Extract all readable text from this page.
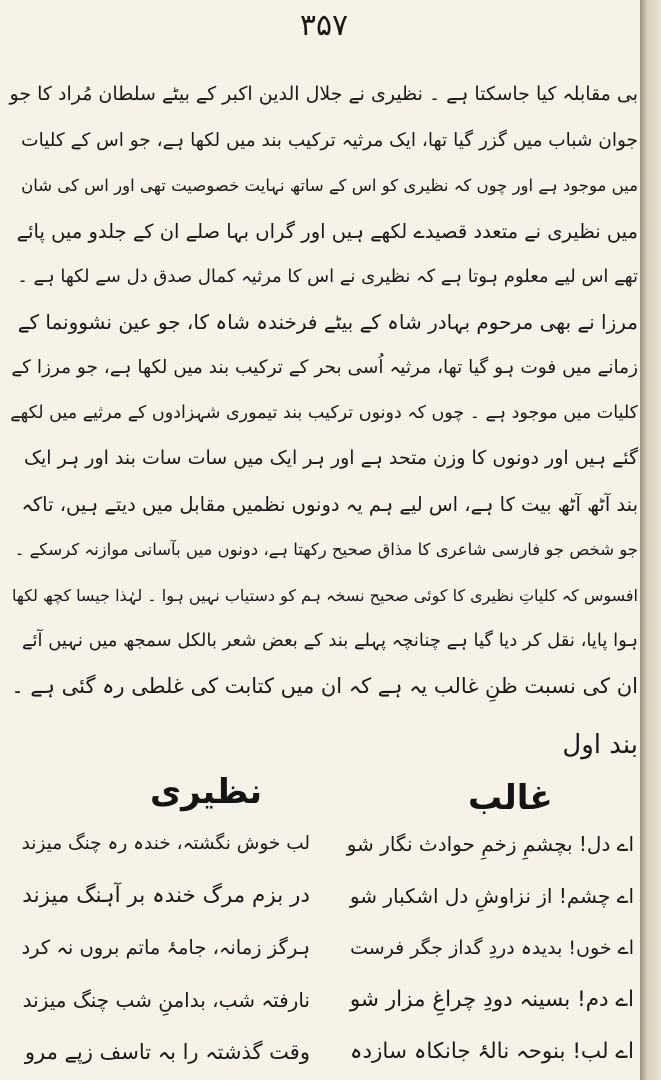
٣۵٧
بی مقابلہ کیا جاسکتا ہے ۔ نظیری نے جلال الدین اکبر کے بیٹے سلطان مُراد کا جو
جوان شباب میں گزر گیا تھا، ایک مرثیہ ترکیب بند میں لکھا ہے، جو اس کے کلیات
میں موجود ہے اور چوں کہ نظیری کو اس کے ساتھ نہایت خصوصیت تھی اور اس کی شان
میں نظیری نے متعدد قصیدے لکھے ہیں اور گراں بہا صلے ان کے جلدو میں پائے
تھے اس لیے معلوم ہوتا ہے کہ نظیری نے اس کا مرثیہ کمال صدق دل سے لکھا ہے ۔
مرزا نے بھی مرحوم بہادر شاہ کے بیٹے فرخندہ شاہ کا، جو عین نشوونما کے
زمانے میں فوت ہو گیا تھا، مرثیہ اُسی بحر کے ترکیب بند میں لکھا ہے، جو مرزا کے
کلیات میں موجود ہے ۔ چوں کہ دونوں ترکیب بند تیموری شہزادوں کے مرثیے میں لکھے
گئے ہیں اور دونوں کا وزن متحد ہے اور ہر ایک میں سات سات بند اور ہر ایک
بند آٹھ آٹھ بیت کا ہے، اس لیے ہم یہ دونوں نظمیں مقابل میں دیتے ہیں، تاکہ
جو شخص جو فارسی شاعری کا مذاق صحیح رکھتا ہے، دونوں میں بآسانی موازنہ کرسکے ۔
افسوس کہ کلیاتِ نظیری کا کوئی صحیح نسخہ ہم کو دستیاب نہیں ہوا ۔ لہٰذا جیسا کچھ لکھا
ہوا پایا، نقل کر دیا گیا ہے چنانچہ پہلے بند کے بعض شعر بالکل سمجھ میں نہیں آئے
ان کی نسبت ظنِ غالب یہ ہے کہ ان میں کتابت کی غلطی رہ گئی ہے ۔
بند اول
غالب
نظیری
اے دل! بچشمِ زخمِ حوادث نگار شو
اے چشم! از نزاوشِ دل اشکبار شو
اے خوں! بدیدہ دردِ گداز جگر فرست
اے دم! بسینہ دودِ چراغِ مزار شو
اے لب! بنوحہ نالۂ جانکاہ سازدہ
لب خوش نگشتہ، خندہ رہ چنگ میزند
در بزم مرگ خندہ بر آہنگ میزند
ہرگز زمانہ، جامۂ ماتم بروں نہ کرد
نارفتہ شب، بدامنِ شب چنگ میزند
وقت گذشتہ را بہ تاسف زپے مرو
